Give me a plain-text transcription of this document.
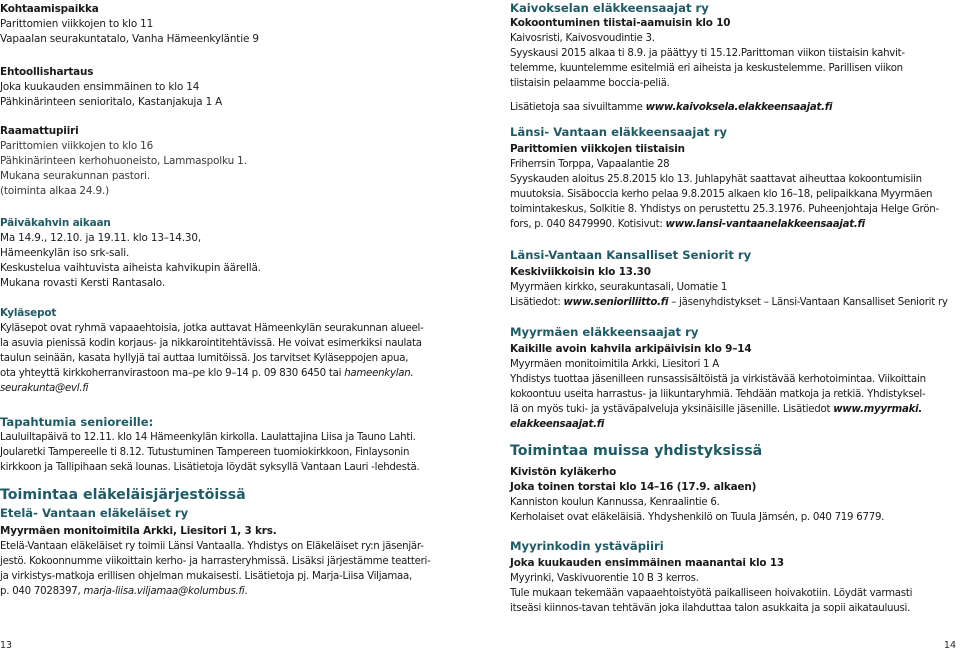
Kohtaamispaikka
Parittomien viikkojen to klo 11
Vapaalan seurakuntatalo, Vanha Hämeenkyläntie 9
Ehtoollishartaus
Joka kuukauden ensimmäinen to klo 14
Pähkinärinteen senioritalo, Kastanjakuja 1 A
Raamattupiiri
Parittomien viikkojen to klo 16
Pähkinärinteen kerhohuoneisto, Lammaspolku 1.
Mukana seurakunnan pastori.
(toiminta alkaa 24.9.)
Päiväkahvin aikaan
Ma 14.9., 12.10. ja 19.11. klo 13–14.30,
Hämeenkylän iso srk-sali.
Keskustelua vaihtuvista aiheista kahvikupin äärellä.
Mukana rovasti Kersti Rantasalo.
Kyläsepot
Kyläsepot ovat ryhmä vapaaehtoisia, jotka auttavat Hämeenkylän seurakunnan alueel-
la asuvia pienissä kodin korjaus- ja nikkarointitehtävissä. He voivat esimerkiksi naulata
taulun seinään, kasata hyllyjä tai auttaa lumitöissä. Jos tarvitset Kyläseppojen apua,
ota yhteyttä kirkkoherranvirastoon ma–pe klo 9–14 p. 09 830 6450 tai hameenkylan.
seurakunta@evl.fi
Tapahtumia senioreille:
Lauluiltapäivä to 12.11. klo 14 Hämeenkylän kirkolla. Laulattajina Liisa ja Tauno Lahti.
Joularetki Tampereelle ti 8.12. Tutustuminen Tampereen tuomiokirkkoon, Finlaysonin
kirkkoon ja Tallipihaan sekä lounas. Lisätietoja löydät syksyllä Vantaan Lauri -lehdestä.
Toimintaa eläkeläisjärjestöissä
Etelä- Vantaan eläkeläiset ry
Myyrmäen monitoimitila Arkki, Liesitori 1, 3 krs.
Etelä-Vantaan eläkeläiset ry toimii Länsi Vantaalla. Yhdistys on Eläkeläiset ry:n jäsenjär-
jestö. Kokoonnumme viikoittain kerho- ja harrasteryhmissä. Lisäksi järjestämme teatteri-
ja virkistys-matkoja erillisen ohjelman mukaisesti. Lisätietoja pj. Marja-Liisa Viljamaa,
p. 040 7028397, marja-liisa.viljamaa@kolumbus.fi.
Kaivokselan eläkkeensaajat ry
Kokoontuminen tiistai-aamuisin klo 10
Kaivosristi, Kaivosvoudintie 3.
Syyskausi 2015 alkaa ti 8.9. ja päättyy ti 15.12.Parittoman viikon tiistaisin kahvit-
telemme, kuuntelemme esitelmiä eri aiheista ja keskustelemme. Parillisen viikon
tiistaisin pelaamme boccia-peliä.
Lisätietoja saa sivuiltamme www.kaivoksela.elakkeensaajat.fi
Länsi- Vantaan eläkkeensaajat ry
Parittomien viikkojen tiistaisin
Friherrsin Torppa, Vapaalantie 28
Syyskauden aloitus 25.8.2015 klo 13. Juhlapyhät saattavat aiheuttaa kokoontumisiin
muutoksia. Sisäboccia kerho pelaa 9.8.2015 alkaen klo 16–18, pelipaikkana Myyrmäen
toimintakeskus, Solkitie 8. Yhdistys on perustettu 25.3.1976. Puheenjohtaja Helge Grön-
fors, p. 040 8479990. Kotisivut: www.lansi-vantaanelakkeensaajat.fi
Länsi-Vantaan Kansalliset Seniorit ry
Keskiviikkoisin klo 13.30
Myyrmäen kirkko, seurakuntasali, Uomatie 1
Lisätiedot: www.senioriliitto.fi – jäsenyhdistykset – Länsi-Vantaan Kansalliset Seniorit ry
Myyrmäen eläkkeensaajat ry
Kaikille avoin kahvila arkipäivisin klo 9–14
Myyrmäen monitoimitila Arkki, Liesitori 1 A
Yhdistys tuottaa jäsenilleen runsassisältöistä ja virkistävää kerhotoimintaa. Viikoittain
kokoontuu useita harrastus- ja liikuntaryhmiä. Tehdään matkoja ja retkiä. Yhdistyksel-
lä on myös tuki- ja ystäväpalveluja yksinäisille jäsenille. Lisätiedot www.myyrmaki.
elakkeensaajat.fi
Toimintaa muissa yhdistyksissä
Kivistön kyläkerho
Joka toinen torstai klo 14–16 (17.9. alkaen)
Kanniston koulun Kannussa, Kenraalintie 6.
Kerholaiset ovat eläkeläisiä. Yhdyshenkilö on Tuula Jämsén, p. 040 719 6779.
Myyrinkodin ystäväpiiri
Joka kuukauden ensimmäinen maanantai klo 13
Myyrinki, Vaskivuorentie 10 B 3 kerros.
Tule mukaan tekemään vapaaehtoistyötä paikalliseen hoivakotiin. Löydät varmasti
itseäsi kiinnos-tavan tehtävän joka ilahduttaa talon asukkaita ja sopii aikatauluusi.
13	14
